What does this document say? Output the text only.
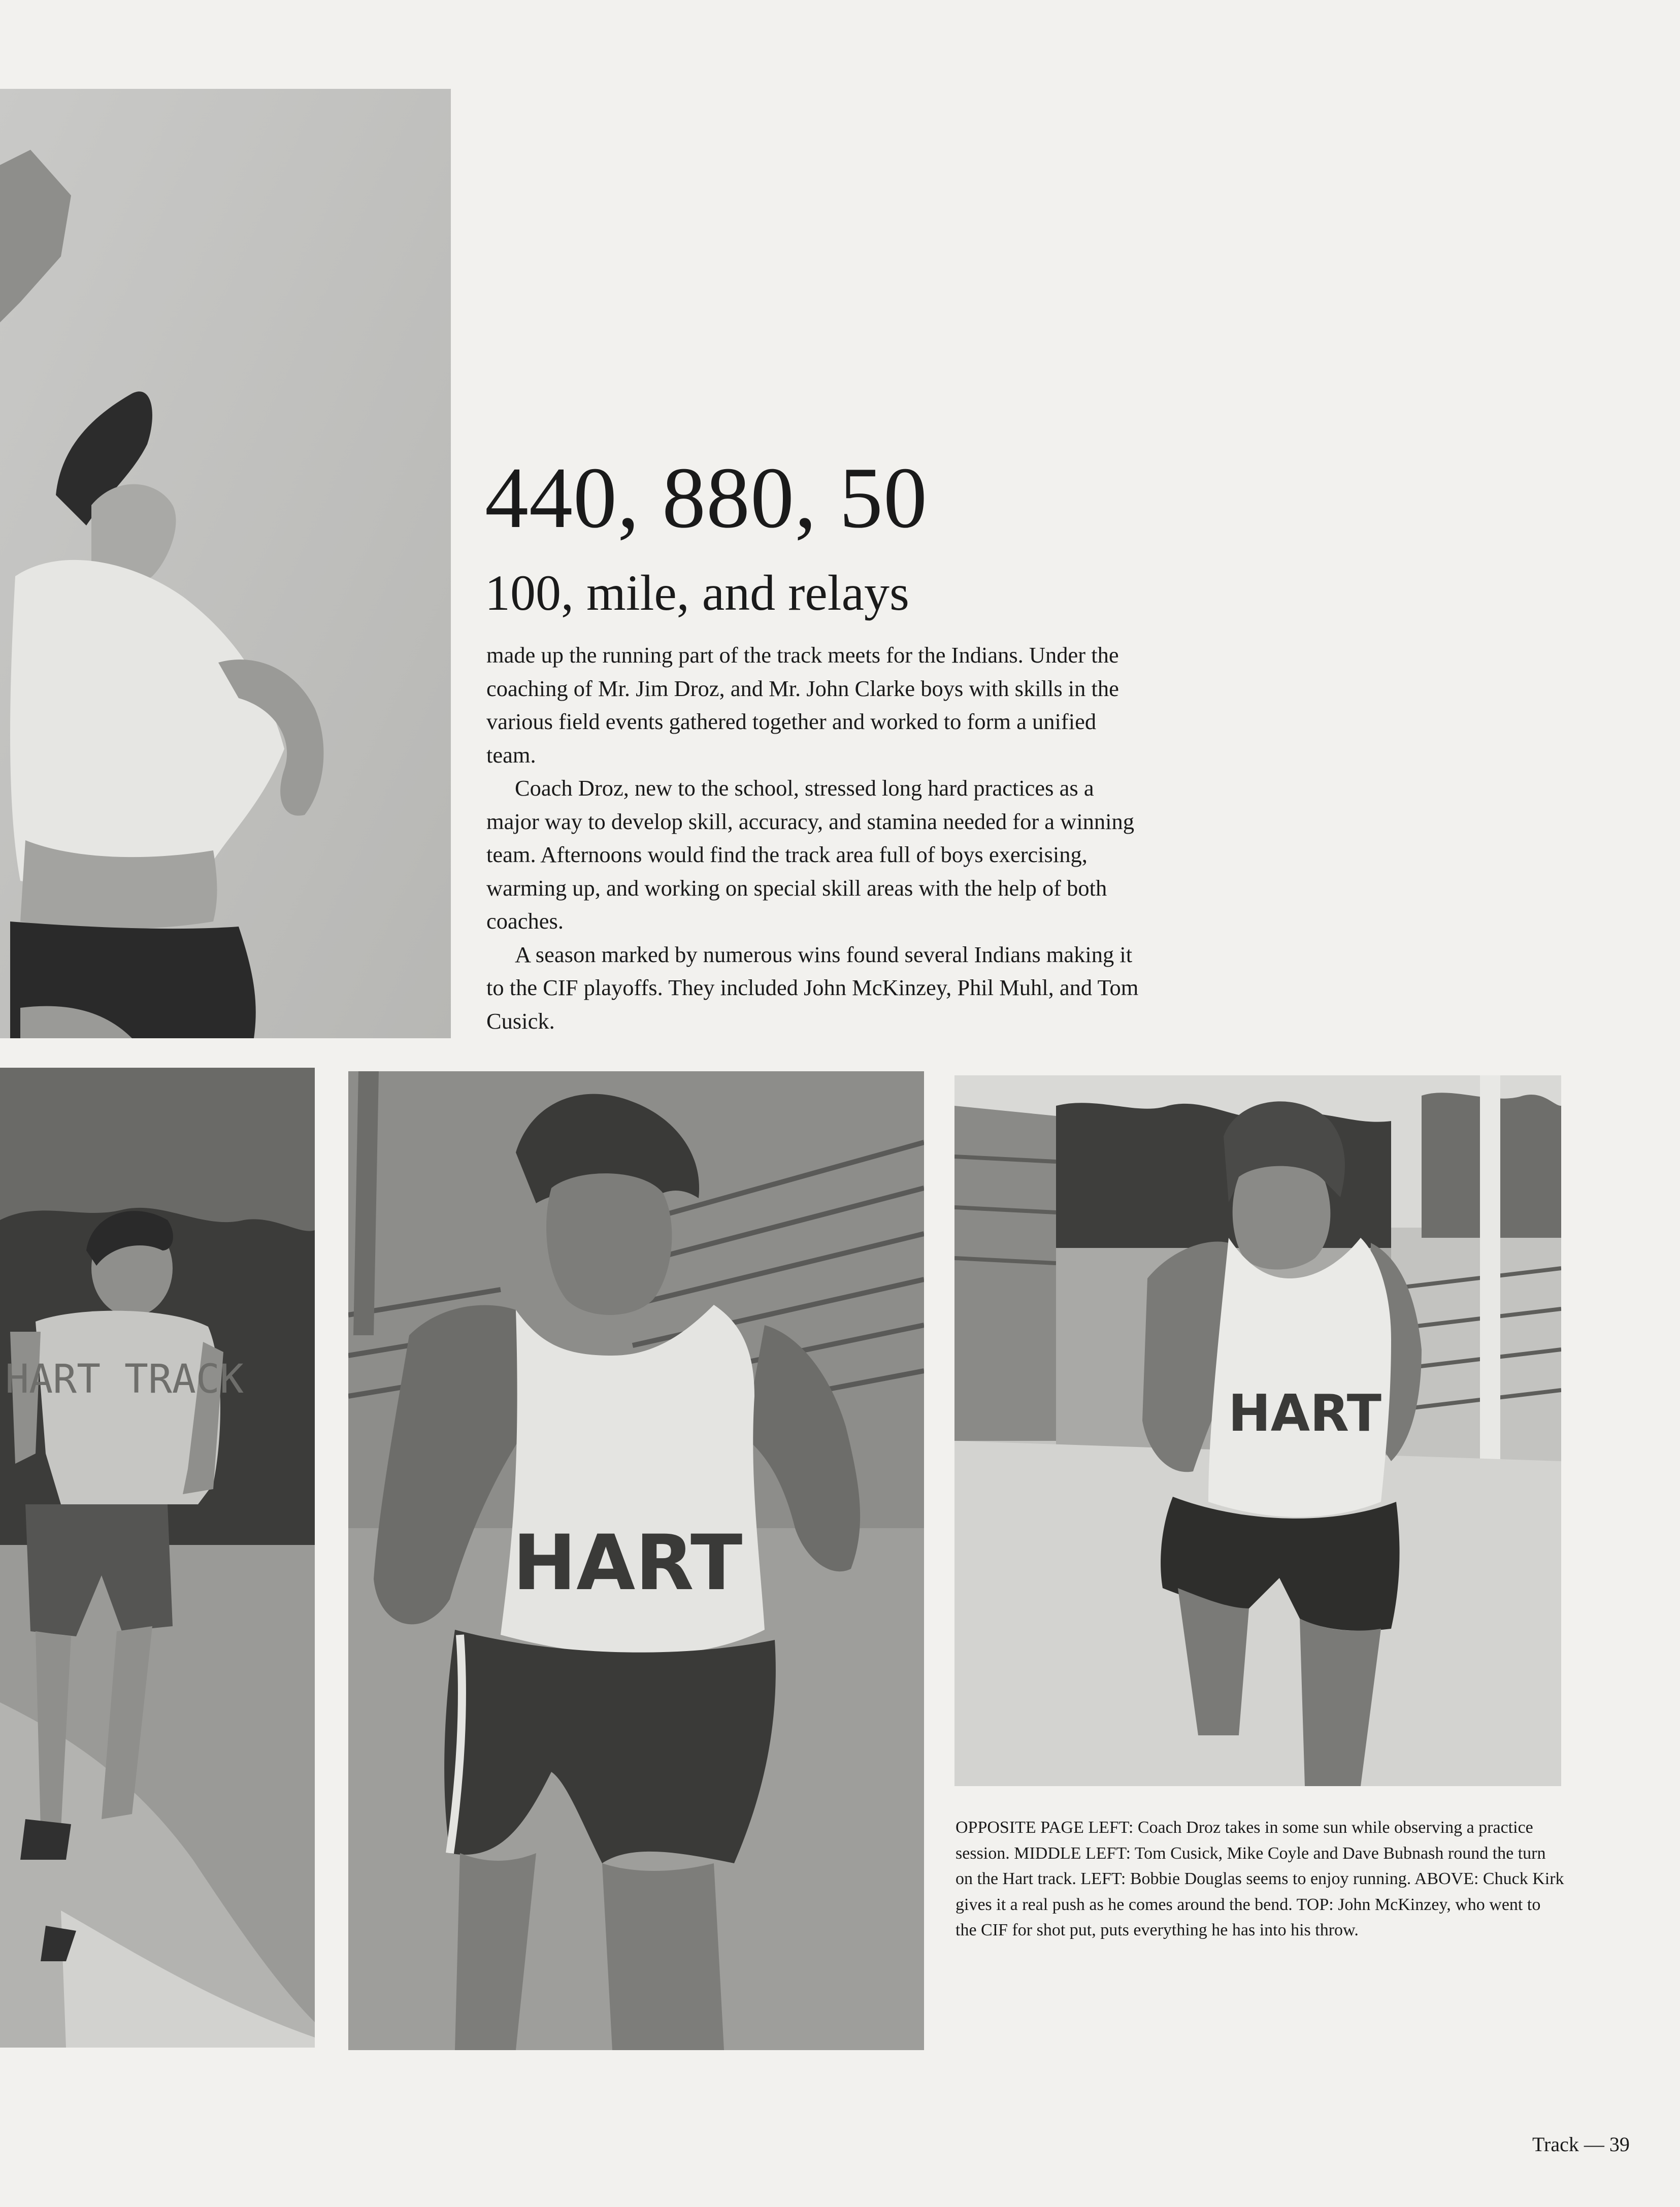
HART TRACK
HART
HART
440, 880, 50
100, mile, and relays

made up the running part of the track meets for the Indians. Under the coaching of Mr. Jim Droz, and Mr. John Clarke boys with skills in the various field events gathered together and worked to form a unified team.

Coach Droz, new to the school, stressed long hard practices as a major way to develop skill, accuracy, and stamina needed for a winning team. Afternoons would find the track area full of boys exercising, warming up, and working on special skill areas with the help of both coaches.

A season marked by numerous wins found several Indians making it to the CIF playoffs. They included John McKinzey, Phil Muhl, and Tom Cusick.

OPPOSITE PAGE LEFT: Coach Droz takes in some sun while observing a practice session. MIDDLE LEFT: Tom Cusick, Mike Coyle and Dave Bubnash round the turn on the Hart track. LEFT: Bobbie Douglas seems to enjoy running. ABOVE: Chuck Kirk gives it a real push as he comes around the bend. TOP: John McKinzey, who went to the CIF for shot put, puts everything he has into his throw.

Track — 39
